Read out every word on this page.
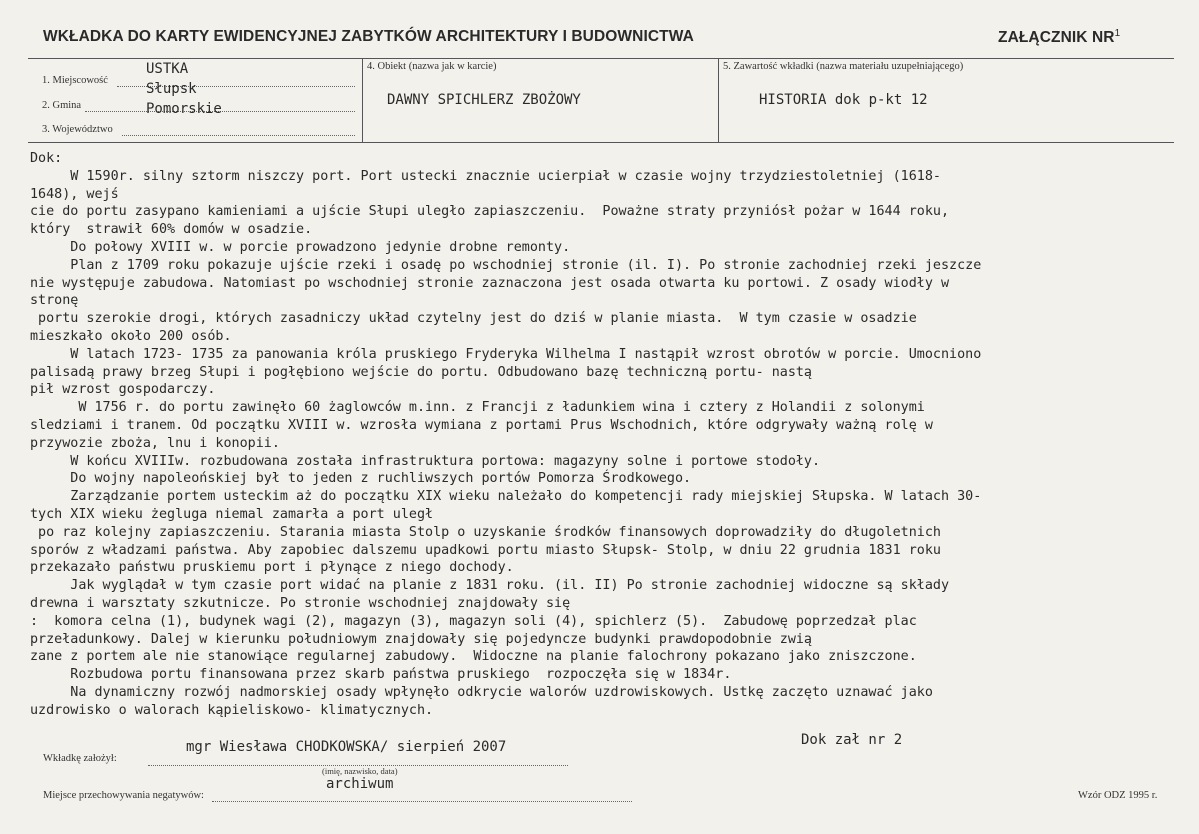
WKŁADKA DO KARTY EWIDENCYJNEJ ZABYTKÓW ARCHITEKTURY I BUDOWNICTWA	ZAŁĄCZNIK $NR^1$
1. Miejscowość
USTKA
2. Gmina
Słupsk
3. Województwo
Pomorskie
4. Obiekt (nazwa jak w karcie)
DAWNY SPICHLERZ ZBOŻOWY
5. Zawartość wkładki (nazwa materiału uzupełniającego)
HISTORIA dok p-kt 12
Dok:
W 1590r. silny sztorm niszczy port. Port ustecki znacznie ucierpiał w czasie wojny trzydziestoletniej (1618-
1648), wejś
cie do portu zasypano kamieniami a ujście Słupi uległo zapiaszczeniu.  Poważne straty przyniósł pożar w 1644 roku,
który  strawił 60% domów w osadzie.
Do połowy XVIII w. w porcie prowadzono jedynie drobne remonty.
Plan z 1709 roku pokazuje ujście rzeki i osadę po wschodniej stronie (il. I). Po stronie zachodniej rzeki jeszcze
nie występuje zabudowa. Natomiast po wschodniej stronie zaznaczona jest osada otwarta ku portowi. Z osady wiodły w
stronę
portu szerokie drogi, których zasadniczy układ czytelny jest do dziś w planie miasta.  W tym czasie w osadzie
mieszkało około 200 osób.
W latach 1723- 1735 za panowania króla pruskiego Fryderyka Wilhelma I nastąpił wzrost obrotów w porcie. Umocniono
palisadą prawy brzeg Słupi i pogłębiono wejście do portu. Odbudowano bazę techniczną portu- nastą
pił wzrost gospodarczy.
W 1756 r. do portu zawinęło 60 żaglowców m.inn. z Francji z ładunkiem wina i cztery z Holandii z solonymi
sledziami i tranem. Od początku XVIII w. wzrosła wymiana z portami Prus Wschodnich, które odgrywały ważną rolę w
przywozie zboża, lnu i konopii.
W końcu XVIIIw. rozbudowana została infrastruktura portowa: magazyny solne i portowe stodoły.
Do wojny napoleońskiej był to jeden z ruchliwszych portów Pomorza Środkowego.
Zarządzanie portem usteckim aż do początku XIX wieku należało do kompetencji rady miejskiej Słupska. W latach 30-
tych XIX wieku żegluga niemal zamarła a port uległ
po raz kolejny zapiaszczeniu. Starania miasta Stolp o uzyskanie środków finansowych doprowadziły do długoletnich
sporów z władzami państwa. Aby zapobiec dalszemu upadkowi portu miasto Słupsk- Stolp, w dniu 22 grudnia 1831 roku
przekazało państwu pruskiemu port i płynące z niego dochody.
Jak wyglądał w tym czasie port widać na planie z 1831 roku. (il. II) Po stronie zachodniej widoczne są składy
drewna i warsztaty szkutnicze. Po stronie wschodniej znajdowały się
:  komora celna (1), budynek wagi (2), magazyn (3), magazyn soli (4), spichlerz (5).  Zabudowę poprzedzał plac
przeładunkowy. Dalej w kierunku południowym znajdowały się pojedyncze budynki prawdopodobnie zwią
zane z portem ale nie stanowiące regularnej zabudowy.  Widoczne na planie falochrony pokazano jako zniszczone.
Rozbudowa portu finansowana przez skarb państwa pruskiego  rozpoczęła się w 1834r.
Na dynamiczny rozwój nadmorskiej osady wpłynęło odkrycie walorów uzdrowiskowych. Ustkę zaczęto uznawać jako
uzdrowisko o walorach kąpieliskowo- klimatycznych.
Dok zał nr 2
Wkładkę założył:
mgr Wiesława CHODKOWSKA/ sierpień 2007
(imię, nazwisko, data)
Miejsce przechowywania negatywów:
archiwum
Wzór ODZ 1995 r.
